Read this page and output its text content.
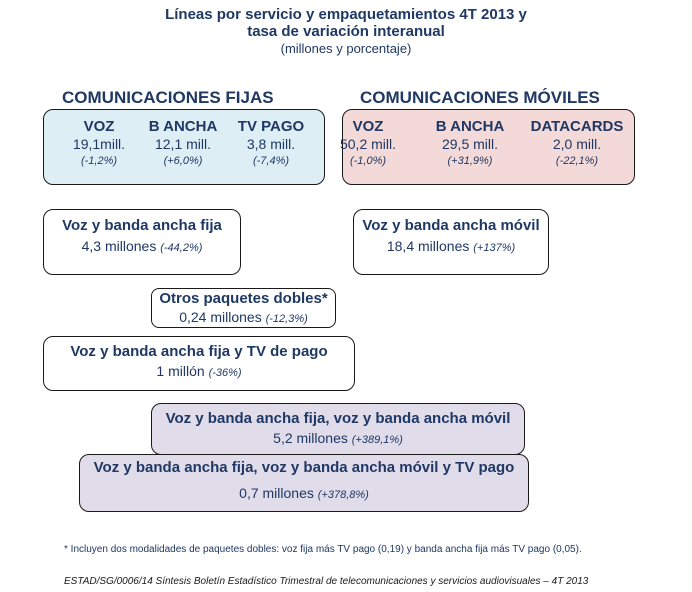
Líneas por servicio y empaquetamientos 4T 2013 y
tasa de variación interanual
(millones y porcentaje)
COMUNICACIONES FIJAS	COMUNICACIONES MÓVILES
VOZ
19,1mill.
(-1,2%)
B ANCHA
12,1 mill.
(+6,0%)
TV PAGO
3,8 mill.
(-7,4%)
VOZ
50,2 mill.
(-1,0%)
B ANCHA
29,5 mill.
(+31,9%)
DATACARDS
2,0 mill.
(-22,1%)
Voz y banda ancha fija
4,3 millones (-44,2%)
Voz y banda ancha móvil
18,4 millones (+137%)
Otros paquetes dobles*
0,24 millones (-12,3%)
Voz y banda ancha fija y TV de pago
1 millón (-36%)
Voz y banda ancha fija, voz y banda ancha móvil
5,2 millones (+389,1%)
Voz y banda ancha fija, voz y banda ancha móvil y TV pago
0,7 millones (+378,8%)
* Incluyen dos modalidades de paquetes dobles: voz fija más TV pago (0,19) y banda ancha fija más TV pago (0,05).
ESTAD/SG/0006/14 Síntesis Boletín Estadístico Trimestral de telecomunicaciones y servicios audiovisuales – 4T 2013
